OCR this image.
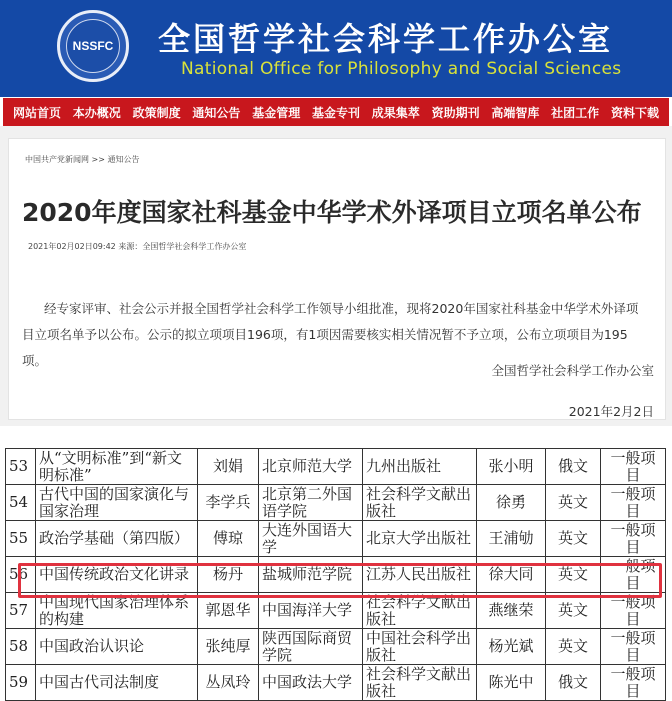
NSSFC 全国哲学社会科学工作办公室
National Office for Philosophy and Social Sciences
网站首页 本办概况 政策制度 通知公告 基金管理 基金专刊 成果集萃 资助期刊 高端智库 社团工作 资料下载
中国共产党新闻网 >> 通知公告
2020年度国家社科基金中华学术外译项目立项名单公布
2021年02月02日09:42 来源：全国哲学社会科学工作办公室

经专家评审、社会公示并报全国哲学社会科学工作领导小组批准，现将2020年国家社科基金中华学术外译项目立项名单予以公布。公示的拟立项项目196项，有1项因需要核实相关情况暂不予立项，公布立项项目为195项。

全国哲学社会科学工作办公室
2021年2月2日
53	从“文明标准”到“新文明标准”	刘娟	北京师范大学	九州出版社	张小明	俄文	一般项目
54	古代中国的国家演化与国家治理	李学兵	北京第二外国语学院	社会科学文献出版社	徐勇	英文	一般项目
55	政治学基础（第四版）	傅琼	大连外国语大学	北京大学出版社	王浦劬	英文	一般项目
56	中国传统政治文化讲录	杨丹	盐城师范学院	江苏人民出版社	徐大同	英文	一般项目
57	中国现代国家治理体系的构建	郭恩华	中国海洋大学	社会科学文献出版社	燕继荣	英文	一般项目
58	中国政治认识论	张纯厚	陕西国际商贸学院	中国社会科学出版社	杨光斌	英文	一般项目
59	中国古代司法制度	丛凤玲	中国政法大学	社会科学文献出版社	陈光中	俄文	一般项目
